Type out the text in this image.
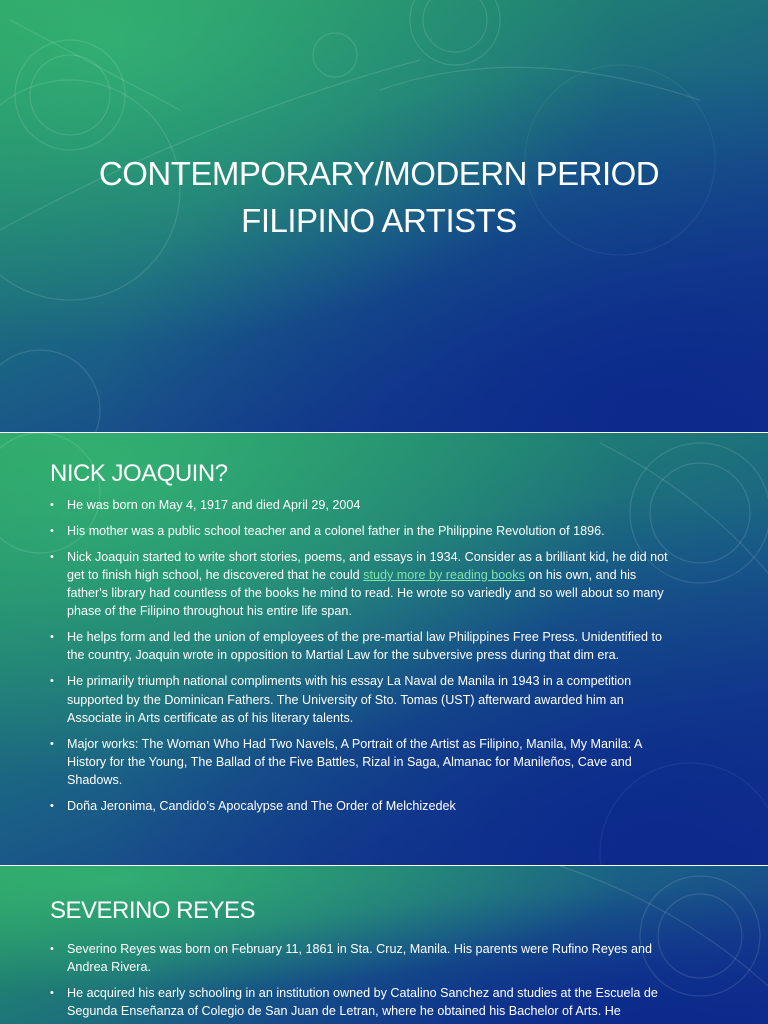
CONTEMPORARY/MODERN PERIOD
FILIPINO ARTISTS
NICK JOAQUIN?
• He was born on May 4, 1917 and died April 29, 2004
• His mother was a public school teacher and a colonel father in the Philippine Revolution of 1896.
• Nick Joaquin started to write short stories, poems, and essays in 1934. Consider as a brilliant kid, he did not get to finish high school, he discovered that he could study more by reading books on his own, and his father's library had countless of the books he mind to read. He wrote so variedly and so well about so many phase of the Filipino throughout his entire life span.
• He helps form and led the union of employees of the pre-martial law Philippines Free Press. Unidentified to the country, Joaquin wrote in opposition to Martial Law for the subversive press during that dim era.
• He primarily triumph national compliments with his essay La Naval de Manila in 1943 in a competition supported by the Dominican Fathers. The University of Sto. Tomas (UST) afterward awarded him an Associate in Arts certificate as of his literary talents.
• Major works: The Woman Who Had Two Navels, A Portrait of the Artist as Filipino, Manila, My Manila: A History for the Young, The Ballad of the Five Battles, Rizal in Saga, Almanac for Manileños, Cave and Shadows.
• Doña Jeronima, Candido’s Apocalypse and The Order of Melchizedek
SEVERINO REYES
• Severino Reyes was born on February 11, 1861 in Sta. Cruz, Manila. His parents were Rufino Reyes and Andrea Rivera.
• He acquired his early schooling in an institution owned by Catalino Sanchez and studies at the Escuela de Segunda Enseñanza of Colegio de San Juan de Letran, where he obtained his Bachelor of Arts. He
